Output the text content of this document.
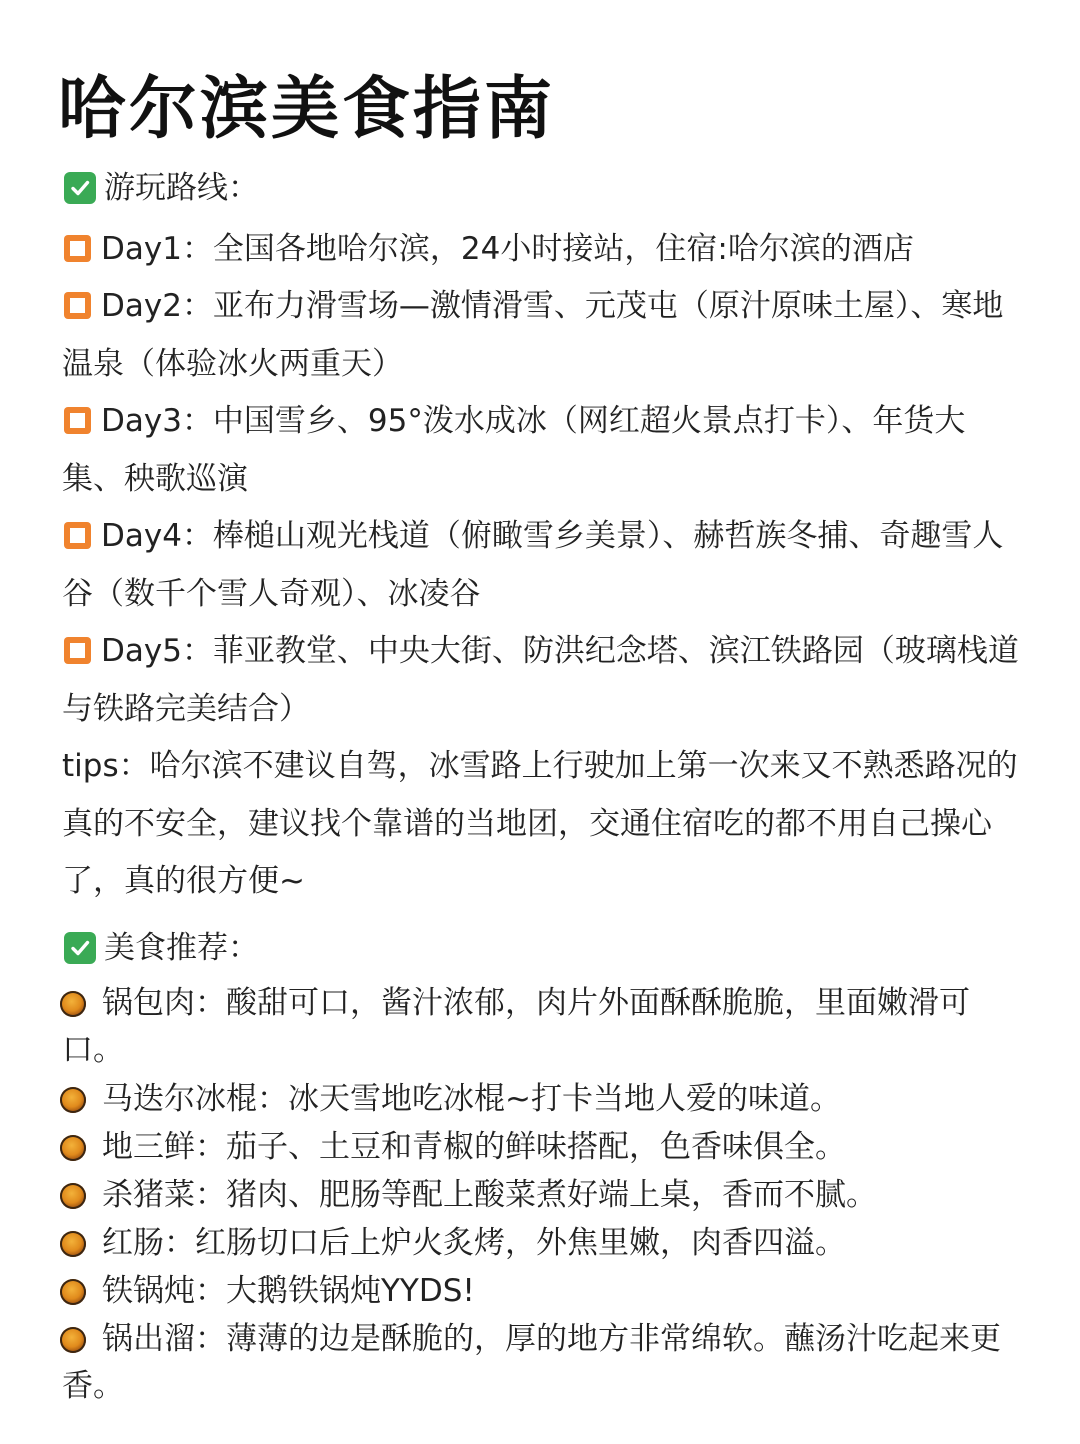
哈尔滨美食指南
游玩路线：

Day1：全国各地哈尔滨，24小时接站，住宿:哈尔滨的酒店

Day2：亚布力滑雪场—激情滑雪、元茂屯（原汁原味土屋）、寒地温泉（体验冰火两重天）

Day3：中国雪乡、95°泼水成冰（网红超火景点打卡）、年货大集、秧歌巡演

Day4：棒槌山观光栈道（俯瞰雪乡美景）、赫哲族冬捕、奇趣雪人谷（数千个雪人奇观）、冰凌谷

Day5：菲亚教堂、中央大街、防洪纪念塔、滨江铁路园（玻璃栈道与铁路完美结合）

tips：哈尔滨不建议自驾，冰雪路上行驶加上第一次来又不熟悉路况的真的不安全，建议找个靠谱的当地团，交通住宿吃的都不用自己操心了，真的很方便~

美食推荐：

锅包肉：酸甜可口，酱汁浓郁，肉片外面酥酥脆脆，里面嫩滑可口。

马迭尔冰棍：冰天雪地吃冰棍~打卡当地人爱的味道。

地三鲜：茄子、土豆和青椒的鲜味搭配，色香味俱全。

杀猪菜：猪肉、肥肠等配上酸菜煮好端上桌，香而不腻。

红肠：红肠切口后上炉火炙烤，外焦里嫩，肉香四溢。

铁锅炖：大鹅铁锅炖YYDS!

锅出溜：薄薄的边是酥脆的，厚的地方非常绵软。蘸汤汁吃起来更香。
